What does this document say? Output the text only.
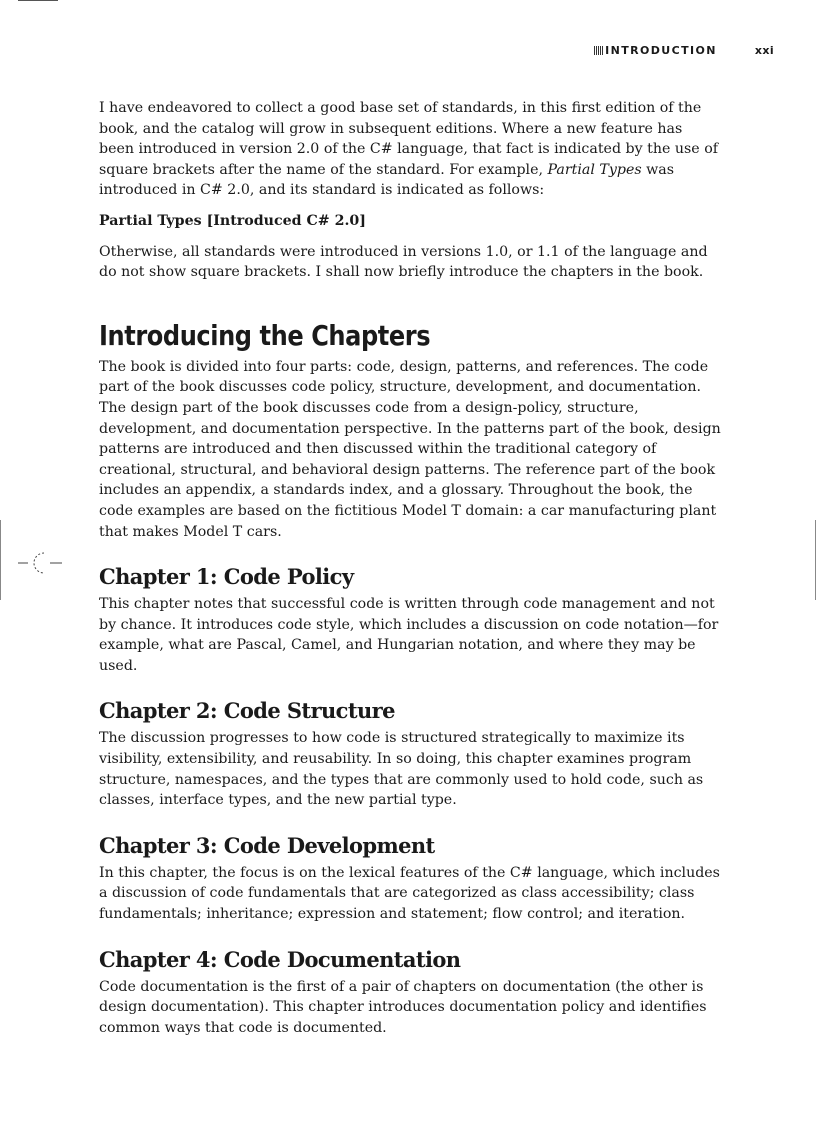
INTRODUCTION	xxi

I have endeavored to collect a good base set of standards, in this first edition of the book, and the catalog will grow in subsequent editions. Where a new feature has been introduced in version 2.0 of the C# language, that fact is indicated by the use of square brackets after the name of the standard. For example, Partial Types was introduced in C# 2.0, and its standard is indicated as follows:

Partial Types [Introduced C# 2.0]

Otherwise, all standards were introduced in versions 1.0, or 1.1 of the language and do not show square brackets. I shall now briefly introduce the chapters in the book.

Introducing the Chapters

The book is divided into four parts: code, design, patterns, and references. The code part of the book discusses code policy, structure, development, and documentation. The design part of the book discusses code from a design-policy, structure, development, and documentation perspective. In the patterns part of the book, design patterns are introduced and then discussed within the traditional category of creational, structural, and behavioral design patterns. The reference part of the book includes an appendix, a standards index, and a glossary. Throughout the book, the code examples are based on the fictitious Model T domain: a car manufacturing plant that makes Model T cars.

Chapter 1: Code Policy

This chapter notes that successful code is written through code management and not by chance. It introduces code style, which includes a discussion on code notation—for example, what are Pascal, Camel, and Hungarian notation, and where they may be used.

Chapter 2: Code Structure

The discussion progresses to how code is structured strategically to maximize its visibility, extensibility, and reusability. In so doing, this chapter examines program structure, namespaces, and the types that are commonly used to hold code, such as classes, interface types, and the new partial type.

Chapter 3: Code Development

In this chapter, the focus is on the lexical features of the C# language, which includes a discussion of code fundamentals that are categorized as class accessibility; class fundamentals; inheritance; expression and statement; flow control; and iteration.

Chapter 4: Code Documentation

Code documentation is the first of a pair of chapters on documentation (the other is design documentation). This chapter introduces documentation policy and identifies common ways that code is documented.
